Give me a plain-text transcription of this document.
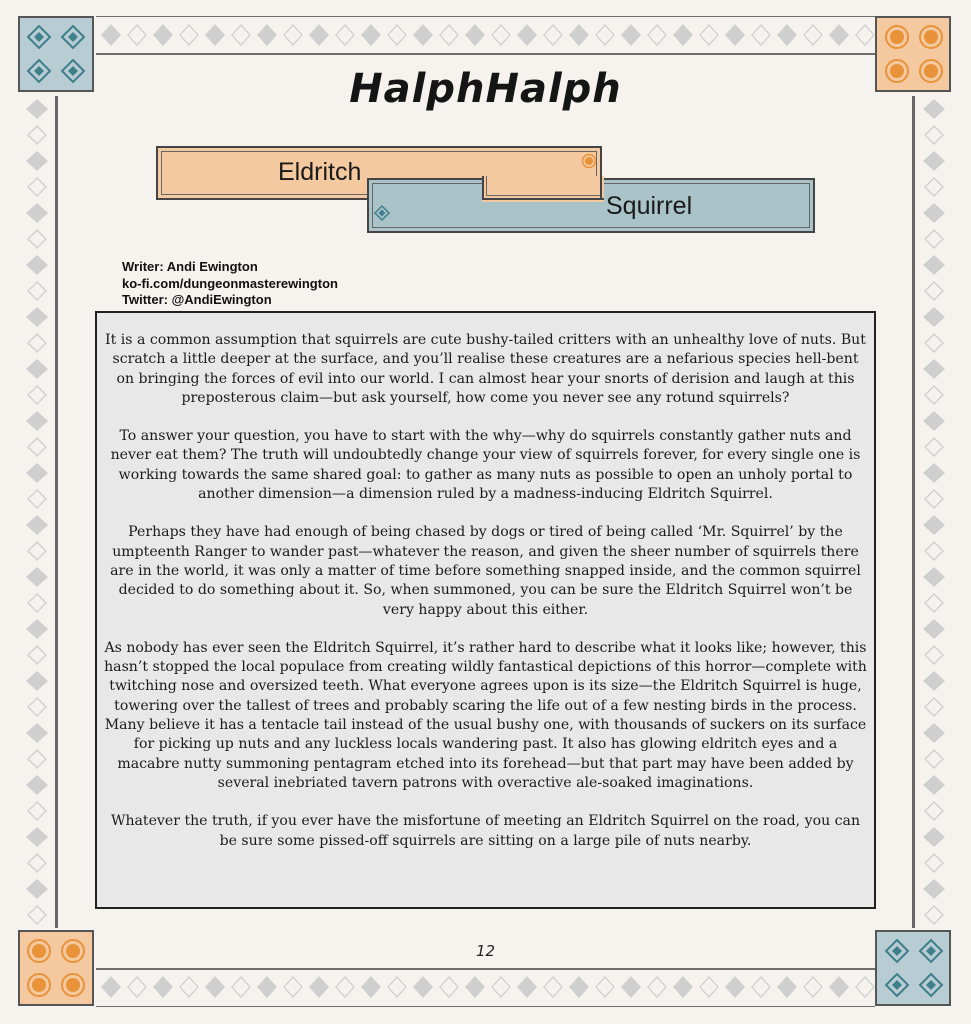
HalphHalph
Eldritch
Squirrel
Writer: Andi Ewington
ko-fi.com/dungeonmasterewington
Twitter: @AndiEwington

It is a common assumption that squirrels are cute bushy-tailed critters with an unhealthy love of nuts. But scratch a little deeper at the surface, and you’ll realise these creatures are a nefarious species hell-bent on bringing the forces of evil into our world. I can almost hear your snorts of derision and laugh at this preposterous claim—but ask yourself, how come you never see any rotund squirrels?

To answer your question, you have to start with the why—why do squirrels constantly gather nuts and never eat them? The truth will undoubtedly change your view of squirrels forever, for every single one is working towards the same shared goal: to gather as many nuts as possible to open an unholy portal to another dimension—a dimension ruled by a madness-inducing Eldritch Squirrel.

Perhaps they have had enough of being chased by dogs or tired of being called ‘Mr. Squirrel’ by the umpteenth Ranger to wander past—whatever the reason, and given the sheer number of squirrels there are in the world, it was only a matter of time before something snapped inside, and the common squirrel decided to do something about it. So, when summoned, you can be sure the Eldritch Squirrel won’t be very happy about this either.

As nobody has ever seen the Eldritch Squirrel, it’s rather hard to describe what it looks like; however, this hasn’t stopped the local populace from creating wildly fantastical depictions of this horror—complete with twitching nose and oversized teeth. What everyone agrees upon is its size—the Eldritch Squirrel is huge, towering over the tallest of trees and probably scaring the life out of a few nesting birds in the process. Many believe it has a tentacle tail instead of the usual bushy one, with thousands of suckers on its surface for picking up nuts and any luckless locals wandering past. It also has glowing eldritch eyes and a macabre nutty summoning pentagram etched into its forehead—but that part may have been added by several inebriated tavern patrons with overactive ale-soaked imaginations.

Whatever the truth, if you ever have the misfortune of meeting an Eldritch Squirrel on the road, you can be sure some pissed-off squirrels are sitting on a large pile of nuts nearby.

12
